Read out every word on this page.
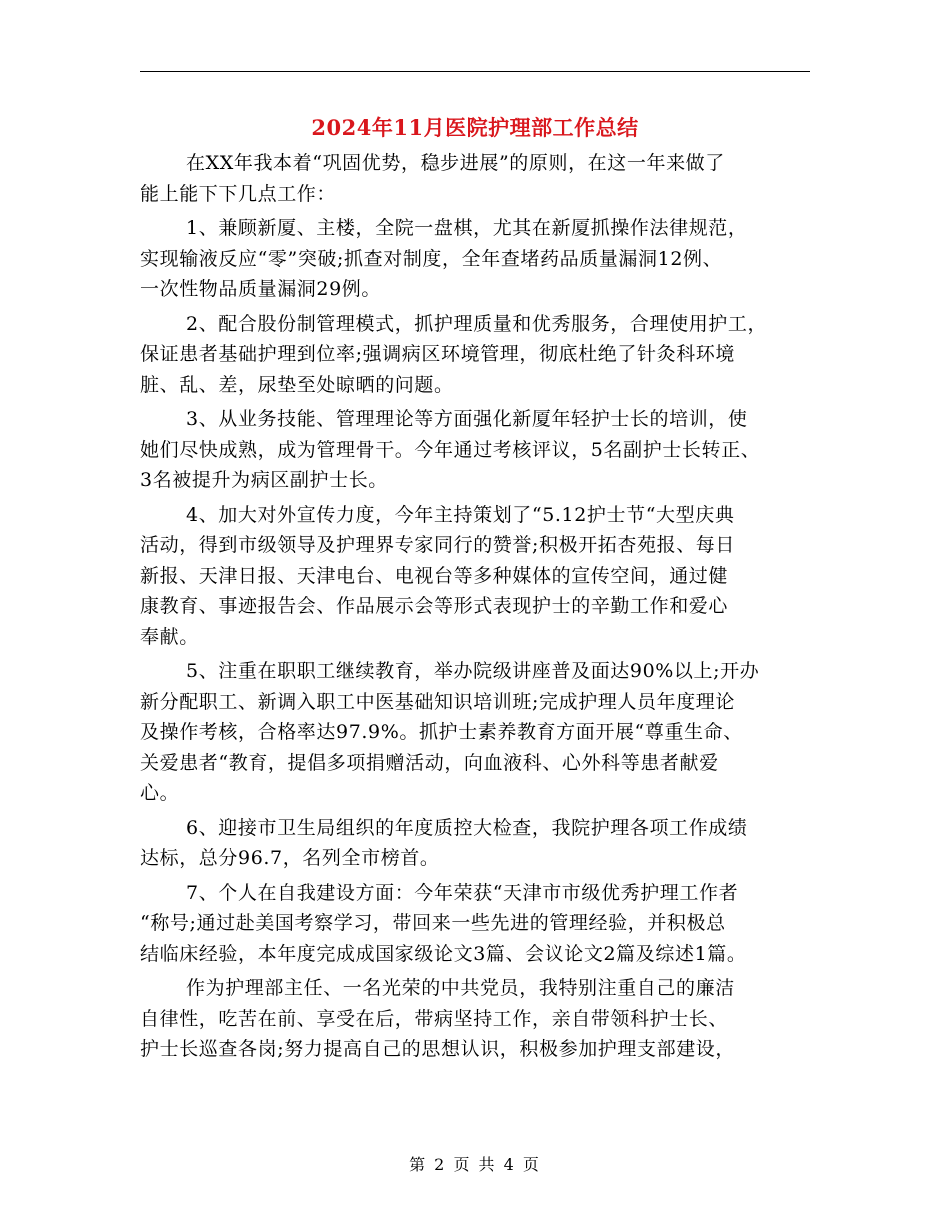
2024年11月医院护理部工作总结

在XX年我本着“巩固优势，稳步进展”的原则，在这一年来做了
能上能下下几点工作：

1、兼顾新厦、主楼，全院一盘棋，尤其在新厦抓操作法律规范，
实现输液反应“零”突破;抓查对制度，全年查堵药品质量漏洞12例、
一次性物品质量漏洞29例。

2、配合股份制管理模式，抓护理质量和优秀服务，合理使用护工，
保证患者基础护理到位率;强调病区环境管理，彻底杜绝了针灸科环境
脏、乱、差，尿垫至处晾晒的问题。

3、从业务技能、管理理论等方面强化新厦年轻护士长的培训，使
她们尽快成熟，成为管理骨干。今年通过考核评议，5名副护士长转正、
3名被提升为病区副护士长。

4、加大对外宣传力度，今年主持策划了“5.12护士节“大型庆典
活动，得到市级领导及护理界专家同行的赞誉;积极开拓杏苑报、每日
新报、天津日报、天津电台、电视台等多种媒体的宣传空间，通过健
康教育、事迹报告会、作品展示会等形式表现护士的辛勤工作和爱心
奉献。

5、注重在职职工继续教育，举办院级讲座普及面达90%以上;开办
新分配职工、新调入职工中医基础知识培训班;完成护理人员年度理论
及操作考核，合格率达97.9%。抓护士素养教育方面开展“尊重生命、
关爱患者“教育，提倡多项捐赠活动，向血液科、心外科等患者献爱
心。

6、迎接市卫生局组织的年度质控大检查，我院护理各项工作成绩
达标，总分96.7，名列全市榜首。

7、个人在自我建设方面：今年荣获“天津市市级优秀护理工作者
“称号;通过赴美国考察学习，带回来一些先进的管理经验，并积极总
结临床经验，本年度完成成国家级论文3篇、会议论文2篇及综述1篇。

作为护理部主任、一名光荣的中共党员，我特别注重自己的廉洁
自律性，吃苦在前、享受在后，带病坚持工作，亲自带领科护士长、
护士长巡查各岗;努力提高自己的思想认识，积极参加护理支部建设，

第 2 页 共 4 页
